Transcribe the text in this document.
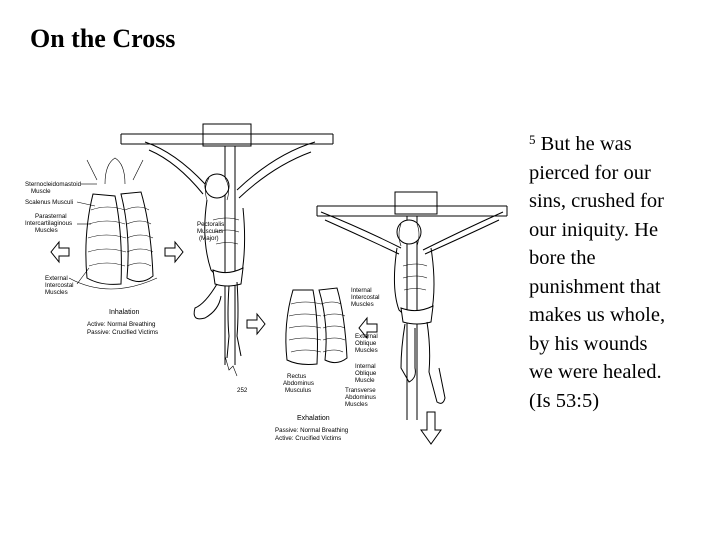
On the Cross
Sternocleidomastoid
Muscle
Scalenus Musculi
Parasternal
Intercartilaginous
Muscles
External
Intercostal
Muscles
Pectoralis
Musculus
(Major)
Inhalation
Active: Normal Breathing
Passive: Crucified Victims
Internal
Intercostal
Muscles
External
Oblique
Muscles
Internal
Oblique
Muscle
Transverse
Abdominus
Muscles
Rectus
Abdominus
Musculus
Exhalation
Passive: Normal Breathing
Active: Crucified Victims
252
$^5$ But he was
pierced for our
sins, crushed for
our iniquity. He
bore the
punishment that
makes us whole,
by his wounds
we were healed.
(Is 53:5)
